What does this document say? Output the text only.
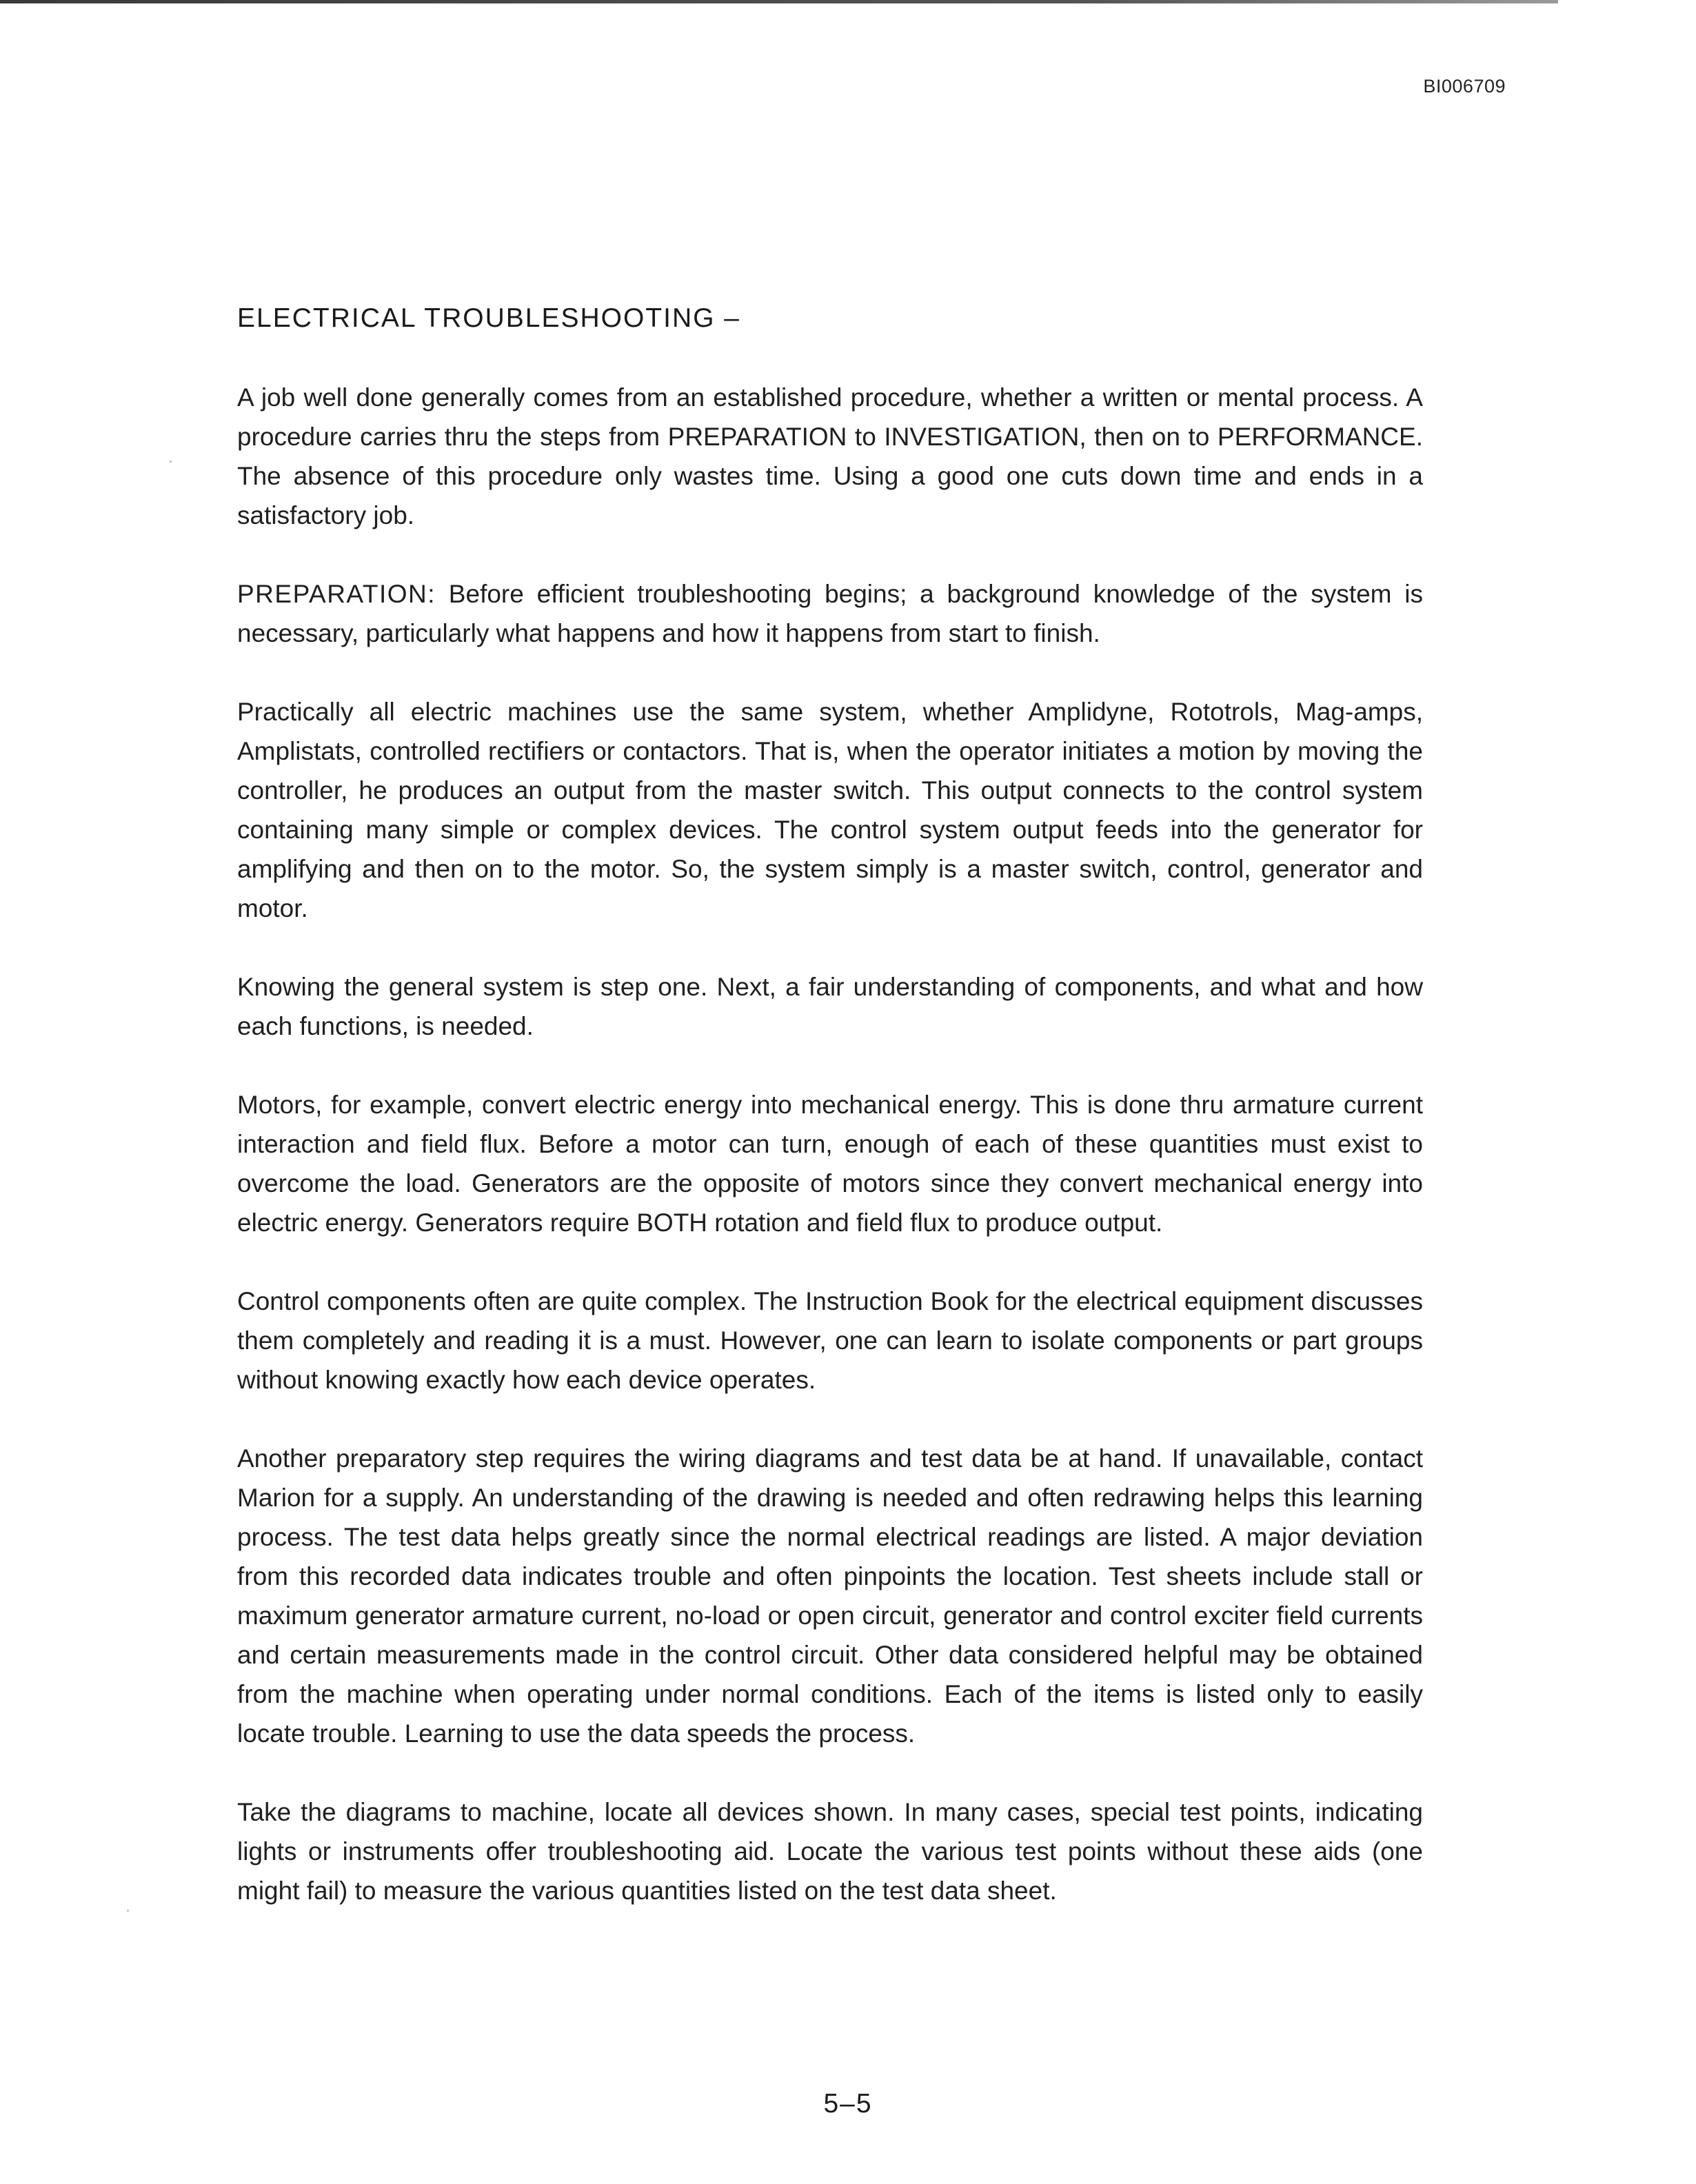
BI006709
ELECTRICAL TROUBLESHOOTING –

A job well done generally comes from an established procedure, whether a written or mental process. A procedure carries thru the steps from PREPARATION to INVESTIGATION, then on to PERFORMANCE. The absence of this procedure only wastes time. Using a good one cuts down time and ends in a satisfactory job.

PREPARATION: Before efficient troubleshooting begins; a background knowledge of the system is necessary, particularly what happens and how it happens from start to finish.

Practically all electric machines use the same system, whether Amplidyne, Rototrols, Mag-amps, Amplistats, controlled rectifiers or contactors. That is, when the operator initiates a motion by moving the controller, he produces an output from the master switch. This output connects to the control system containing many simple or complex devices. The control system output feeds into the generator for amplifying and then on to the motor. So, the system simply is a master switch, control, generator and motor.

Knowing the general system is step one. Next, a fair understanding of components, and what and how each functions, is needed.

Motors, for example, convert electric energy into mechanical energy. This is done thru armature current interaction and field flux. Before a motor can turn, enough of each of these quantities must exist to overcome the load. Generators are the opposite of motors since they convert mechanical energy into electric energy. Generators require BOTH rotation and field flux to produce output.

Control components often are quite complex. The Instruction Book for the electrical equipment discusses them completely and reading it is a must. However, one can learn to isolate components or part groups without knowing exactly how each device operates.

Another preparatory step requires the wiring diagrams and test data be at hand. If unavailable, contact Marion for a supply. An understanding of the drawing is needed and often redrawing helps this learning process. The test data helps greatly since the normal electrical readings are listed. A major deviation from this recorded data indicates trouble and often pinpoints the location. Test sheets include stall or maximum generator armature current, no-load or open circuit, generator and control exciter field currents and certain measurements made in the control circuit. Other data considered helpful may be obtained from the machine when operating under normal conditions. Each of the items is listed only to easily locate trouble. Learning to use the data speeds the process.

Take the diagrams to machine, locate all devices shown. In many cases, special test points, indicating lights or instruments offer troubleshooting aid. Locate the various test points without these aids (one might fail) to measure the various quantities listed on the test data sheet.

5–5
